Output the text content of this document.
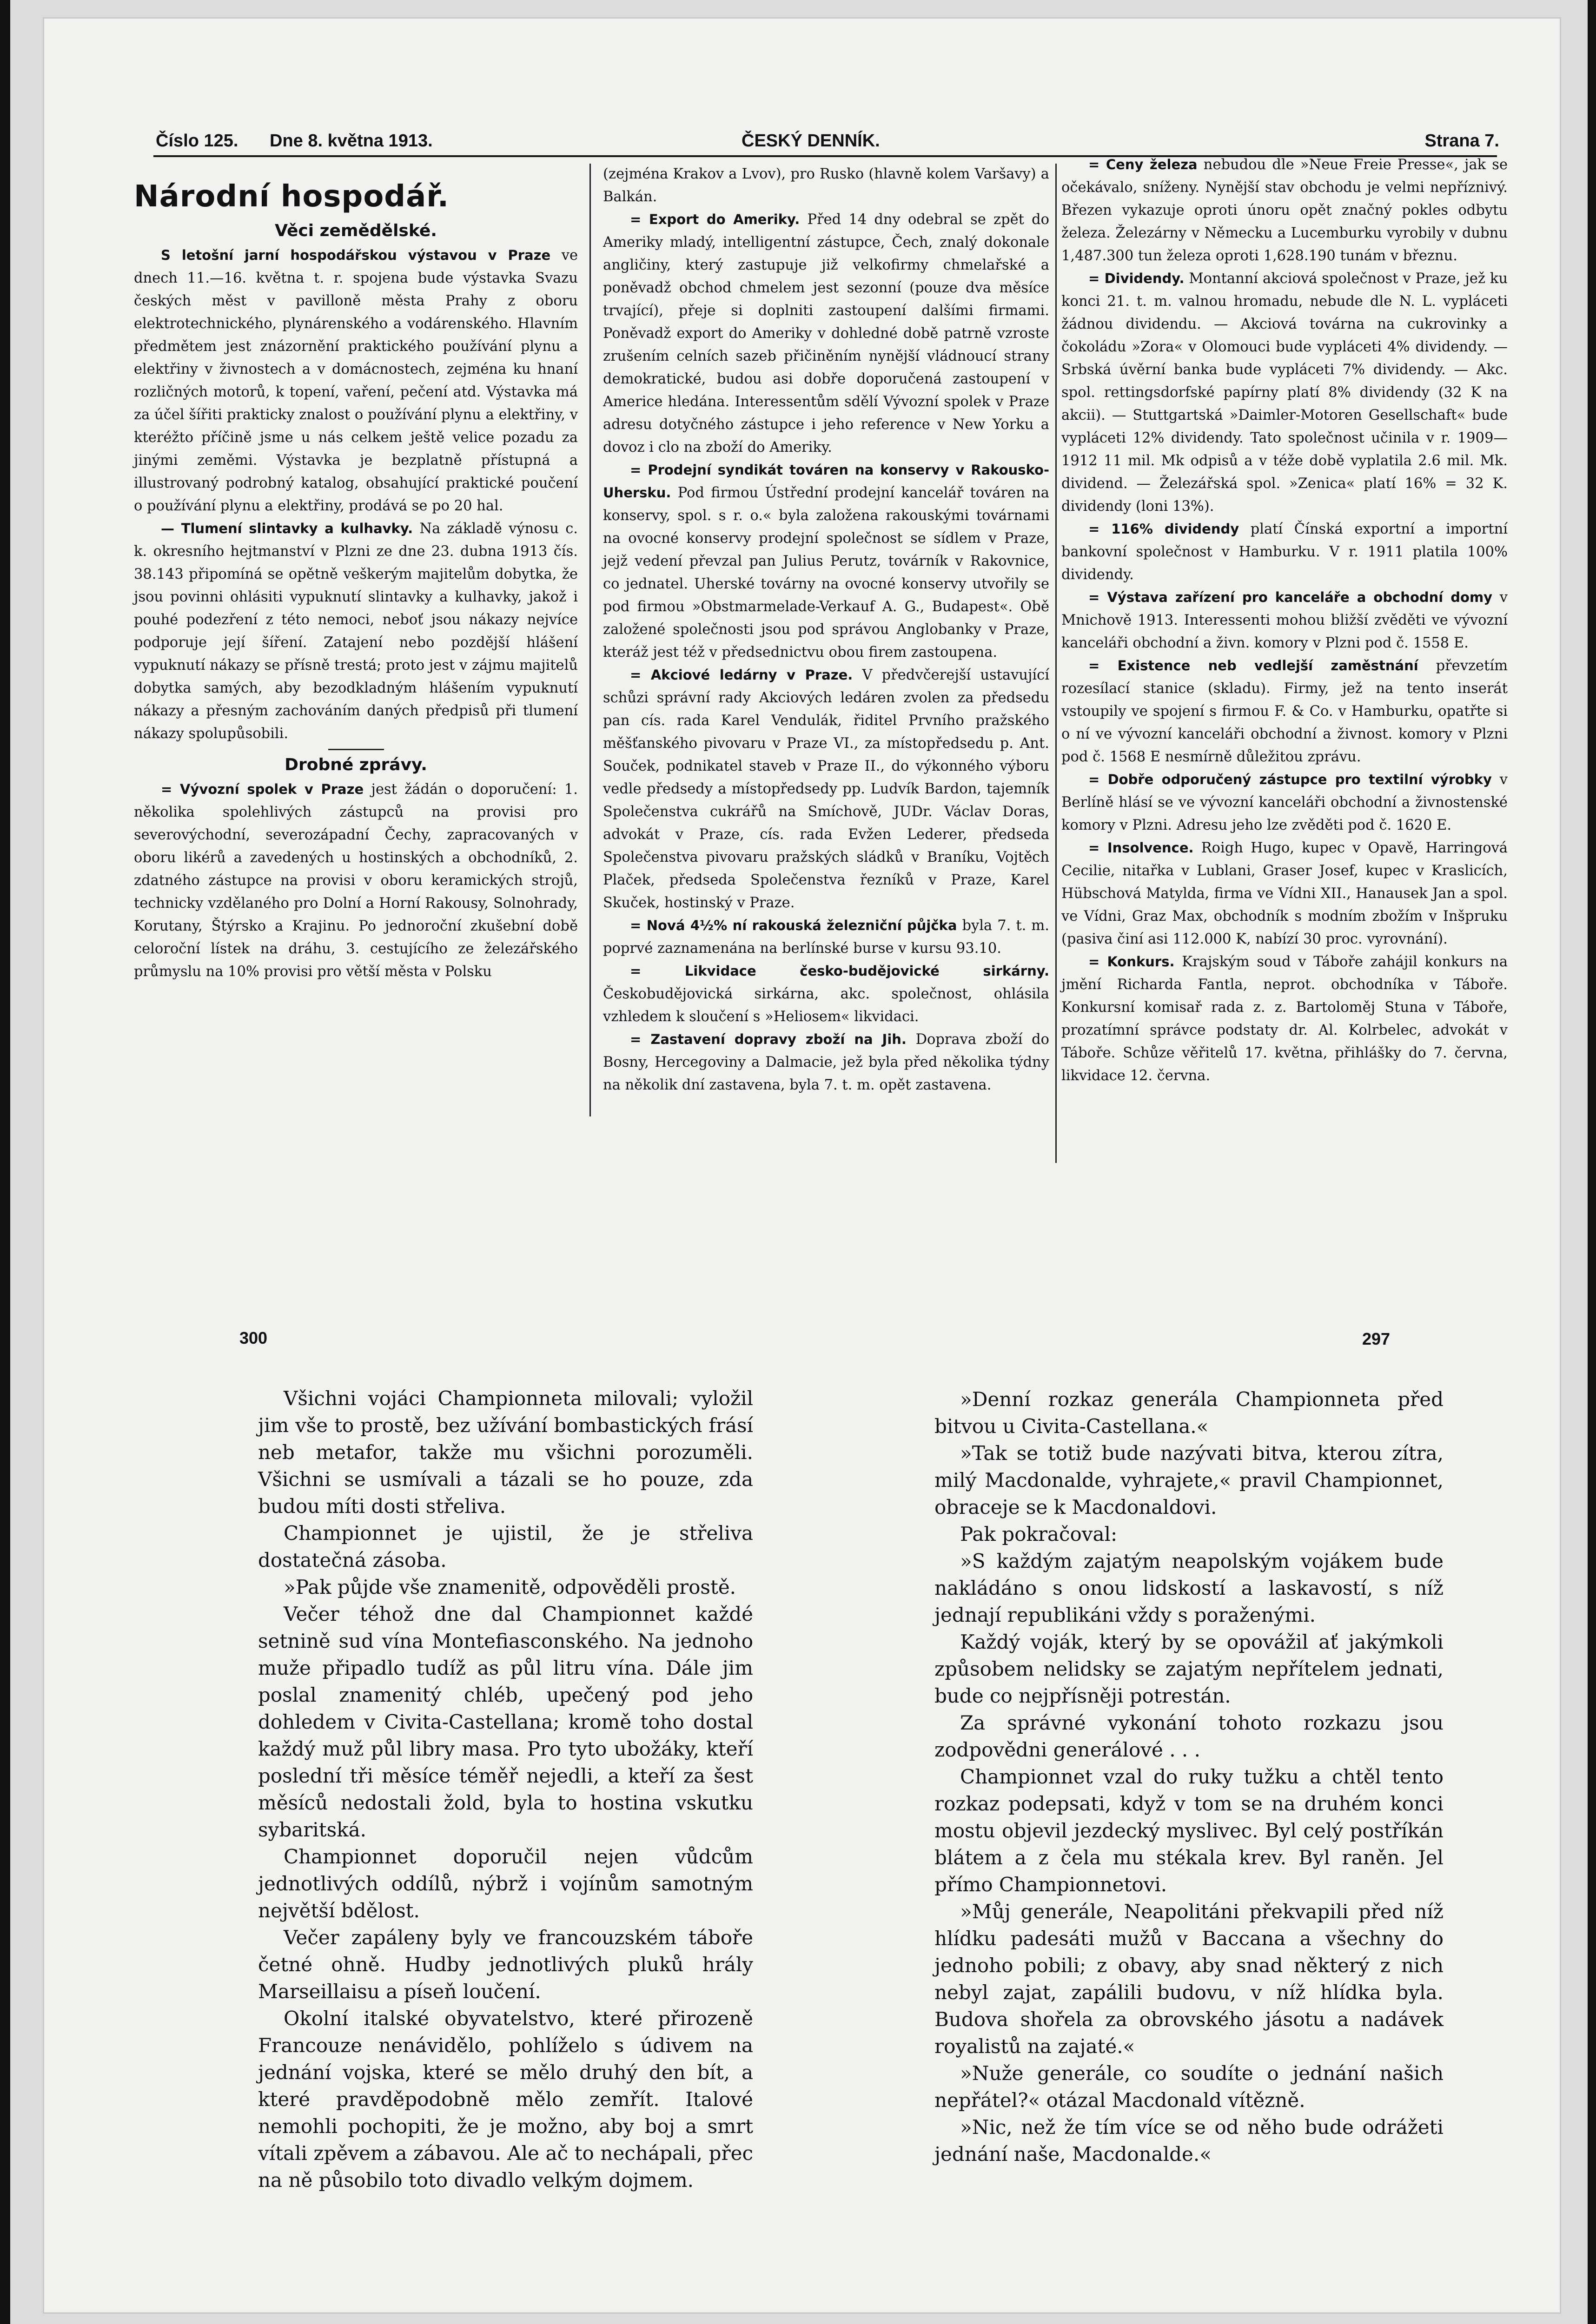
Číslo 125. Dne 8. května 1913.	ČESKÝ DENNÍK.	Strana 7.
Národní hospodář.
Věci zemědělské.

S letošní jarní hospodářskou výstavou v Praze ve dnech 11.—16. května t. r. spojena bude výstavka Svazu českých měst v pavilloně města Prahy z oboru elektrotechnického, plynárenského a vodárenského. Hlavním předmětem jest znázornění praktického používání plynu a elektřiny v živnostech a v domácnostech, zejména ku hnaní rozličných motorů, k topení, vaření, pečení atd. Výstavka má za účel šířiti prakticky znalost o používání plynu a elektřiny, v kteréžto příčině jsme u nás celkem ještě velice pozadu za jinými zeměmi. Výstavka je bezplatně přístupná a illustrovaný podrobný katalog, obsahující praktické poučení o používání plynu a elektřiny, prodává se po 20 hal.

— Tlumení slintavky a kulhavky. Na základě výnosu c. k. okresního hejtmanství v Plzni ze dne 23. dubna 1913 čís. 38.143 připomíná se opětně veškerým majitelům dobytka, že jsou povinni ohlásiti vypuknutí slintavky a kulhavky, jakož i pouhé podezření z této nemoci, neboť jsou nákazy nejvíce podporuje její šíření. Zatajení nebo pozdější hlášení vypuknutí nákazy se přísně trestá; proto jest v zájmu majitelů dobytka samých, aby bezodkladným hlášením vypuknutí nákazy a přesným zachováním daných předpisů při tlumení nákazy spolupůsobili.

Drobné zprávy.

= Vývozní spolek v Praze jest žádán o doporučení: 1. několika spolehlivých zástupců na provisi pro severovýchodní, severozápadní Čechy, zapracovaných v oboru likérů a zavedených u hostinských a obchodníků, 2. zdatného zástupce na provisi v oboru keramických strojů, technicky vzdělaného pro Dolní a Horní Rakousy, Solnohrady, Korutany, Štýrsko a Krajinu. Po jednoroční zkušební době celoroční lístek na dráhu, 3. cestujícího ze železářského průmyslu na 10% provisi pro větší města v Polsku

(zejména Krakov a Lvov), pro Rusko (hlavně kolem Varšavy) a Balkán.

= Export do Ameriky. Před 14 dny odebral se zpět do Ameriky mladý, intelligentní zástupce, Čech, znalý dokonale angličiny, který zastupuje již velkofirmy chmelařské a poněvadž obchod chmelem jest sezonní (pouze dva měsíce trvající), přeje si doplniti zastoupení dalšími firmami. Poněvadž export do Ameriky v dohledné době patrně vzroste zrušením celních sazeb přičiněním nynější vládnoucí strany demokratické, budou asi dobře doporučená zastoupení v Americe hledána. Interessentům sdělí Vývozní spolek v Praze adresu dotyčného zástupce i jeho reference v New Yorku a dovoz i clo na zboží do Ameriky.

= Prodejní syndikát továren na konservy v Rakousko-Uhersku. Pod firmou Ústřední prodejní kancelář továren na konservy, spol. s r. o.« byla založena rakouskými továrnami na ovocné konservy prodejní společnost se sídlem v Praze, jejž vedení převzal pan Julius Perutz, továrník v Rakovnice, co jednatel. Uherské továrny na ovocné konservy utvořily se pod firmou »Obstmarmelade-Verkauf A. G., Budapest«. Obě založené společnosti jsou pod správou Anglobanky v Praze, kteráž jest též v předsednictvu obou firem zastoupena.

= Akciové ledárny v Praze. V předvčerejší ustavující schůzi správní rady Akciových ledáren zvolen za předsedu pan cís. rada Karel Vendulák, řiditel Prvního pražského měšťanského pivovaru v Praze VI., za místopředsedu p. Ant. Souček, podnikatel staveb v Praze II., do výkonného výboru vedle předsedy a místopředsedy pp. Ludvík Bardon, tajemník Společenstva cukrářů na Smíchově, JUDr. Václav Doras, advokát v Praze, cís. rada Evžen Lederer, předseda Společenstva pivovaru pražských sládků v Braníku, Vojtěch Plaček, předseda Společenstva řezníků v Praze, Karel Skuček, hostinský v Praze.

= Nová 4½% ní rakouská železniční půjčka byla 7. t. m. poprvé zaznamenána na berlínské burse v kursu 93.10.

= Likvidace česko-budějovické sirkárny. Českobudějovická sirkárna, akc. společnost, ohlásila vzhledem k sloučení s »Heliosem« likvidaci.

= Zastavení dopravy zboží na Jih. Doprava zboží do Bosny, Hercegoviny a Dalmacie, jež byla před několika týdny na několik dní zastavena, byla 7. t. m. opět zastavena.

= Ceny železa nebudou dle »Neue Freie Presse«, jak se očekávalo, sníženy. Nynější stav obchodu je velmi nepříznivý. Březen vykazuje oproti únoru opět značný pokles odbytu železa. Železárny v Německu a Lucemburku vyrobily v dubnu 1,487.300 tun železa oproti 1,628.190 tunám v březnu.

= Dividendy. Montanní akciová společnost v Praze, jež ku konci 21. t. m. valnou hromadu, nebude dle N. L. vypláceti žádnou dividendu. — Akciová továrna na cukrovinky a čokoládu »Zora« v Olomouci bude vypláceti 4% dividendy. — Srbská úvěrní banka bude vypláceti 7% dividendy. — Akc. spol. rettingsdorfské papírny platí 8% dividendy (32 K na akcii). — Stuttgartská »Daimler-Motoren Gesellschaft« bude vypláceti 12% dividendy. Tato společnost učinila v r. 1909—1912 11 mil. Mk odpisů a v téže době vyplatila 2.6 mil. Mk. dividend. — Železářská spol. »Zenica« platí 16% = 32 K. dividendy (loni 13%).

= 116% dividendy platí Čínská exportní a importní bankovní společnost v Hamburku. V r. 1911 platila 100% dividendy.

= Výstava zařízení pro kanceláře a obchodní domy v Mnichově 1913. Interessenti mohou bližší zvěděti ve vývozní kanceláři obchodní a živn. komory v Plzni pod č. 1558 E.

= Existence neb vedlejší zaměstnání převzetím rozesílací stanice (skladu). Firmy, jež na tento inserát vstoupily ve spojení s firmou F. & Co. v Hamburku, opatřte si o ní ve vývozní kanceláři obchodní a živnost. komory v Plzni pod č. 1568 E nesmírně důležitou zprávu.

= Dobře odporučený zástupce pro textilní výrobky v Berlíně hlásí se ve vývozní kanceláři obchodní a živnostenské komory v Plzni. Adresu jeho lze zvěděti pod č. 1620 E.

= Insolvence. Roigh Hugo, kupec v Opavě, Harringová Cecilie, nitařka v Lublani, Graser Josef, kupec v Kraslicích, Hübschová Matylda, firma ve Vídni XII., Hanausek Jan a spol. ve Vídni, Graz Max, obchodník s modním zbožím v Inšpruku (pasiva činí asi 112.000 K, nabízí 30 proc. vyrovnání).

= Konkurs. Krajským soud v Táboře zahájil konkurs na jmění Richarda Fantla, neprot. obchodníka v Táboře. Konkursní komisař rada z. z. Bartoloměj Stuna v Táboře, prozatímní správce podstaty dr. Al. Kolrbelec, advokát v Táboře. Schůze věřitelů 17. května, přihlášky do 7. června, likvidace 12. června.

300	297

Všichni vojáci Championneta milovali; vyložil jim vše to prostě, bez užívání bombastických frásí neb metafor, takže mu všichni porozuměli. Všichni se usmívali a tázali se ho pouze, zda budou míti dosti střeliva.

Championnet je ujistil, že je střeliva dostatečná zásoba.

»Pak půjde vše znamenitě, odpověděli prostě.

Večer téhož dne dal Championnet každé setnině sud vína Montefiasconského. Na jednoho muže připadlo tudíž as půl litru vína. Dále jim poslal znamenitý chléb, upečený pod jeho dohledem v Civita-Castellana; kromě toho dostal každý muž půl libry masa. Pro tyto ubožáky, kteří poslední tři měsíce téměř nejedli, a kteří za šest měsíců nedostali žold, byla to hostina vskutku sybaritská.

Championnet doporučil nejen vůdcům jednotlivých oddílů, nýbrž i vojínům samotným největší bdělost.

Večer zapáleny byly ve francouzském táboře četné ohně. Hudby jednotlivých pluků hrály Marseillaisu a píseň loučení.

Okolní italské obyvatelstvo, které přirozeně Francouze nenávidělo, pohlíželo s údivem na jednání vojska, které se mělo druhý den bít, a které pravděpodobně mělo zemřít. Italové nemohli pochopiti, že je možno, aby boj a smrt vítali zpěvem a zábavou. Ale ač to nechápali, přec na ně působilo toto divadlo velkým dojmem.

»Denní rozkaz generála Championneta před bitvou u Civita-Castellana.«

»Tak se totiž bude nazývati bitva, kterou zítra, milý Macdonalde, vyhrajete,« pravil Championnet, obraceje se k Macdonaldovi.

Pak pokračoval:

»S každým zajatým neapolským vojákem bude nakládáno s onou lidskostí a laskavostí, s níž jednají republikáni vždy s poraženými.

Každý voják, který by se opovážil ať jakýmkoli způsobem nelidsky se zajatým nepřítelem jednati, bude co nejpřísněji potrestán.

Za správné vykonání tohoto rozkazu jsou zodpovědni generálové . . .

Championnet vzal do ruky tužku a chtěl tento rozkaz podepsati, když v tom se na druhém konci mostu objevil jezdecký myslivec. Byl celý postříkán blátem a z čela mu stékala krev. Byl raněn. Jel přímo Championnetovi.

»Můj generále, Neapolitáni překvapili před níž hlídku padesáti mužů v Baccana a všechny do jednoho pobili; z obavy, aby snad některý z nich nebyl zajat, zapálili budovu, v níž hlídka byla. Budova shořela za obrovského jásotu a nadávek royalistů na zajaté.«

»Nuže generále, co soudíte o jednání našich nepřátel?« otázal Macdonald vítězně.

»Nic, než že tím více se od něho bude odrážeti jednání naše, Macdonalde.«
